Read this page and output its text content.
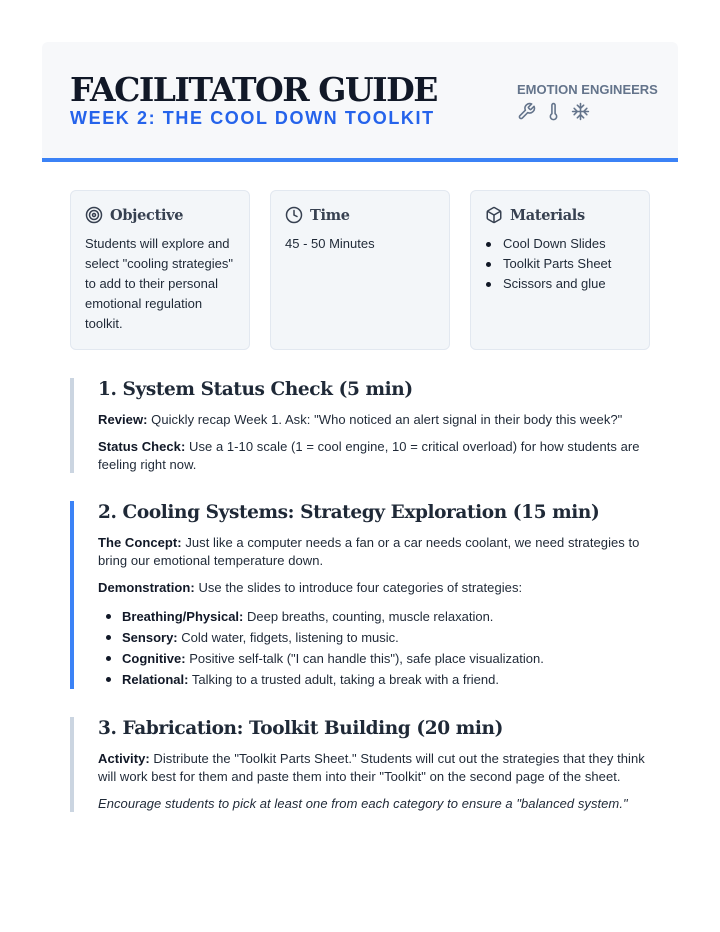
FACILITATOR GUIDE
WEEK 2: THE COOL DOWN TOOLKIT
EMOTION ENGINEERS
Objective
Students will explore and select "cooling strategies" to add to their personal emotional regulation toolkit.
Time
45 - 50 Minutes
Materials
Cool Down Slides
Toolkit Parts Sheet
Scissors and glue
1. System Status Check (5 min)

Review: Quickly recap Week 1. Ask: "Who noticed an alert signal in their body this week?"

Status Check: Use a 1-10 scale (1 = cool engine, 10 = critical overload) for how students are feeling right now.

2. Cooling Systems: Strategy Exploration (15 min)

The Concept: Just like a computer needs a fan or a car needs coolant, we need strategies to bring our emotional temperature down.

Demonstration: Use the slides to introduce four categories of strategies:

Breathing/Physical: Deep breaths, counting, muscle relaxation.
Sensory: Cold water, fidgets, listening to music.
Cognitive: Positive self-talk ("I can handle this"), safe place visualization.
Relational: Talking to a trusted adult, taking a break with a friend.
3. Fabrication: Toolkit Building (20 min)

Activity: Distribute the "Toolkit Parts Sheet." Students will cut out the strategies that they think will work best for them and paste them into their "Toolkit" on the second page of the sheet.

Encourage students to pick at least one from each category to ensure a "balanced system."
